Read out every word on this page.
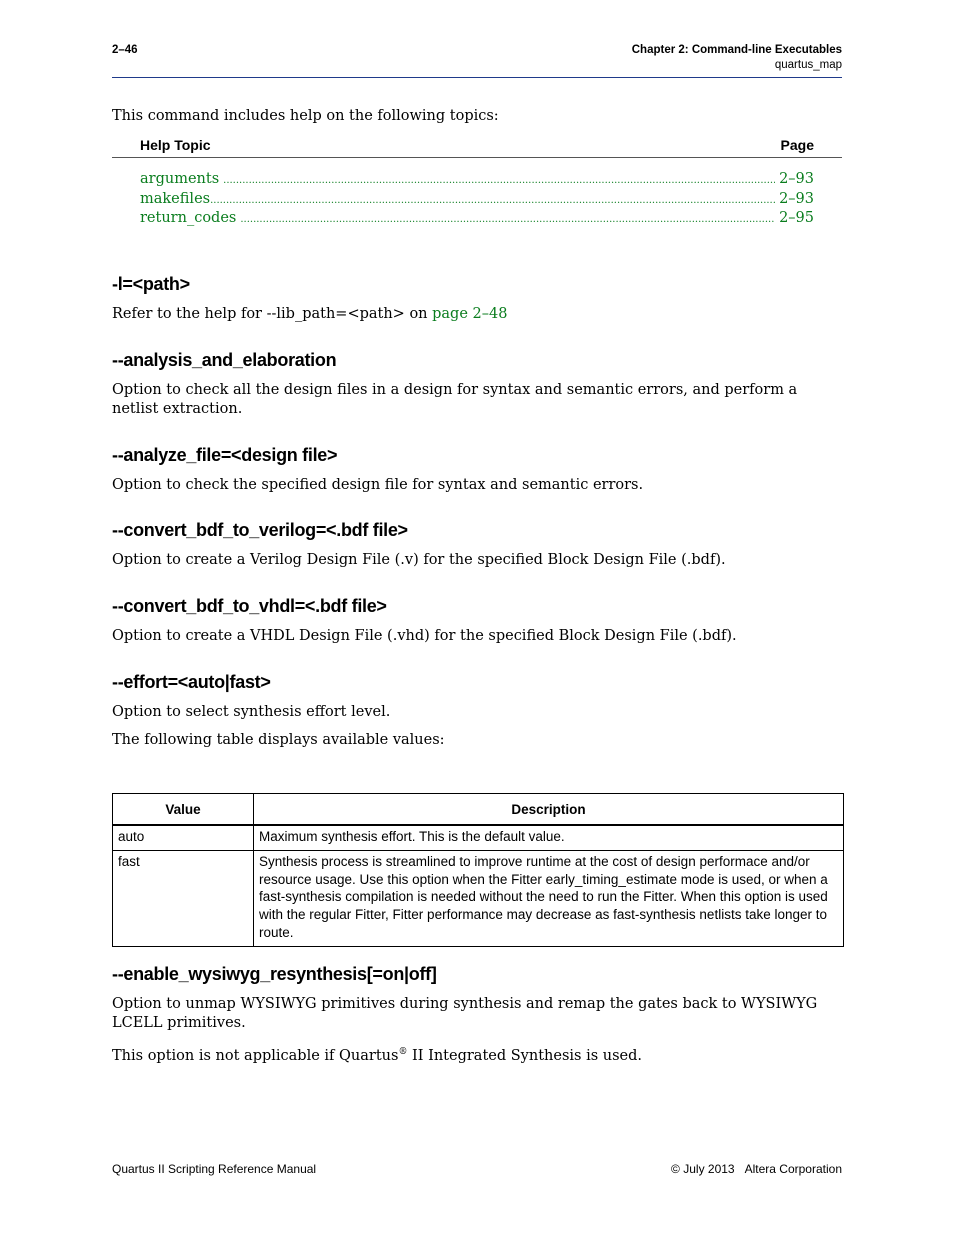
2–46	Chapter 2: Command-line Executables
quartus_map
This command includes help on the following topics:
Help Topic	Page
arguments .....	2–93
makefiles .....	2–93
return_codes .....	2–95
-l=<path>
Refer to the help for --lib_path=<path> on page 2–48
--analysis_and_elaboration
Option to check all the design files in a design for syntax and semantic errors, and perform a netlist extraction.
--analyze_file=<design file>
Option to check the specified design file for syntax and semantic errors.
--convert_bdf_to_verilog=<.bdf file>
Option to create a Verilog Design File (.v) for the specified Block Design File (.bdf).
--convert_bdf_to_vhdl=<.bdf file>
Option to create a VHDL Design File (.vhd) for the specified Block Design File (.bdf).
--effort=<auto|fast>
Option to select synthesis effort level.
The following table displays available values:
Value	Description
auto	Maximum synthesis effort. This is the default value.
fast	Synthesis process is streamlined to improve runtime at the cost of design performace and/or resource usage. Use this option when the Fitter early_timing_estimate mode is used, or when a fast-synthesis compilation is needed without the need to run the Fitter. When this option is used with the regular Fitter, Fitter performance may decrease as fast-synthesis netlists take longer to route.
--enable_wysiwyg_resynthesis[=on|off]
Option to unmap WYSIWYG primitives during synthesis and remap the gates back to WYSIWYG LCELL primitives.
This option is not applicable if Quartus® II Integrated Synthesis is used.
Quartus II Scripting Reference Manual	© July 2013 Altera Corporation
